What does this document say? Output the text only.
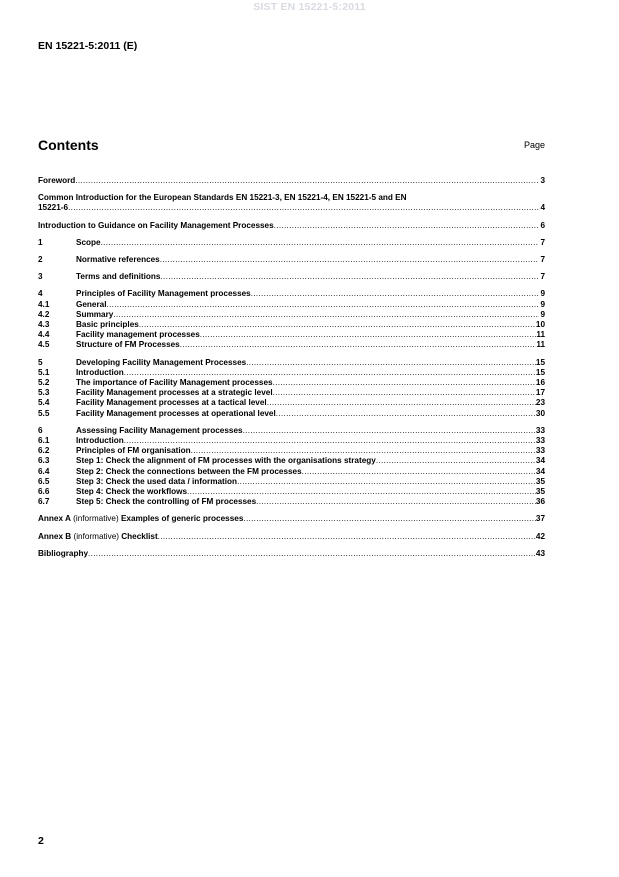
SIST EN 15221-5:2011
EN 15221-5:2011 (E)
Contents	Page
Foreword .....	3
Common Introduction for the European Standards EN 15221-3, EN 15221-4, EN 15221-5 and EN
15221-6 .....	4
Introduction to Guidance on Facility Management Processes .....	6
1	Scope .....	7
2	Normative references .....	7
3	Terms and definitions .....	7
4	Principles of Facility Management processes .....	9
4.1	General .....	9
4.2	Summary .....	9
4.3	Basic principles .....	10
4.4	Facility management processes .....	11
4.5	Structure of FM Processes .....	11
5	Developing Facility Management Processes .....	15
5.1	Introduction .....	15
5.2	The importance of Facility Management processes .....	16
5.3	Facility Management processes at a strategic level .....	17
5.4	Facility Management processes at a tactical level .....	23
5.5	Facility Management processes at operational level .....	30
6	Assessing Facility Management processes .....	33
6.1	Introduction .....	33
6.2	Principles of FM organisation .....	33
6.3	Step 1: Check the alignment of FM processes with the organisations strategy .....	34
6.4	Step 2: Check the connections between the FM processes .....	34
6.5	Step 3: Check the used data / information .....	35
6.6	Step 4: Check the workflows .....	35
6.7	Step 5: Check the controlling of FM processes .....	36
Annex A (informative) Examples of generic processes .....	37
Annex B (informative) Checklist .....	42
Bibliography .....	43
2
